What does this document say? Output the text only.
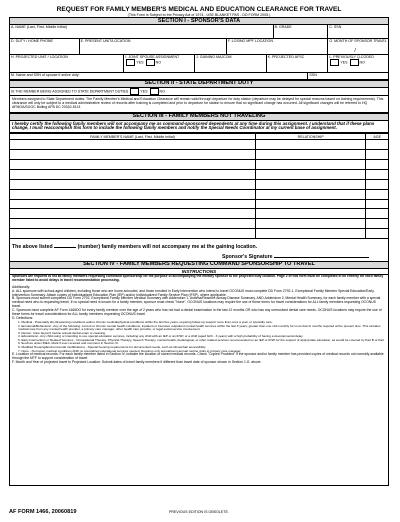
REQUEST FOR FAMILY MEMBER'S MEDICAL AND EDUCATION CLEARANCE FOR TRAVEL
(This Form is Subject to the Privacy Act of 1974 - USE BLANKET PAS - DD FORM 2005.)
SECTION I - SPONSOR'S DATA
A. NAME (Last, First, Middle Initial)	B. GRADE	C. SSN
D. DUTY / HOME PHONE	E. PRESENT UNIT/LOCATION	F. LOSING MPF LOCATION	G. MONTH OF SPONSOR TRAVEL
/
H. PROJECTED UNIT / LOCATION	I. JOINT SPOUSE ASSIGNMENT
YES	NO
J. GAINING MAJCOM	K. PROJECTED AFSC	L. PREVIOUSLY Q-CODED
YES	NO
M. Name and SSN of spouse if active duty:	SSN
SECTION II - STATE DEPARTMENT DUTY
IS THE MEMBER BEING ASSIGNED TO STATE DEPARTMENT DUTIES	YES	NO
Members assigned to State Department duties: The Family Member's Medical and Education Clearance will remain valid through departure for duty station (departure may be delayed for special reasons based on training requirements). This clearance will only be subject to a medical administrative review of records after training is completed and prior to departure for station to ensure that no significant change has occurred. All significant changes will be referred to HQ AFMOA/SGOC Bolling AFB DC 20332-5113.
SECTION III - FAMILY MEMBERS NOT TRAVELING
I hereby certify the following family members will not accompany me as command-sponsored dependents at any time during this assignment. I understand that if these plans change, I must reaccomplish this form to include the following family members and notify the Special Needs Coordinator at my current base of assignment.
FAMILY MEMBER'S NAME (Last, First, Middle Initial)	RELATIONSHIP	AGE

The above listed	(number) family members will not accompany me at the gaining location.
Sponsor's Signature
SECTION IV - FAMILY MEMBERS REQUESTING COMMAND SPONSORSHIP TO TRAVEL
INSTRUCTIONS

Sponsors are required to list all family members requesting command sponsorship for the purpose of accompanying the military sponsor to the projected duty location. Page 2 of this form must be completed in its entirety for each family member listed to avoid delays in travel recommendation processing.

Additionally:

A. ALL sponsors with school-aged children, including those who are home-schooled, and those enrolled in Early Intervention who intend to travel OCONUS must complete DD Form 2792-1, Exceptional Family Member Special Education/Early Intervention Summary. Attach copies of Individualized Education Plan (IEP) and/or Individualized Family Service Plan (IFSP), where applicable.

B. Sponsors must submit completed DD Form 2792, Exceptional Family Member Medical Summary with Addendum 1, Asthma/Reactive Airway Disease Summary, AND Addendum 2, Mental Health Summary, for each family member with a special medical need who is requesting travel. If no special need is known for a family member, sponsor must check "None". OCONUS locations may require the use of these forms for travel considerations for ALL family members requesting OCONUS travel.

C. Sponsors must complete AF Form 1466DO for every family member over the age of 2 years who has not had a dental examination in the last 12 months OR who has any unresolved dental care needs. OCONUS locations may require the use of these forms for travel considerations for ALL family members requesting OCONUS travel.

D. Definitions:

1. Medical - Potentially life-threatening conditions and/or chronic medical/physical conditions within the last five years, requiring follow-up support more than once a year, or specialty care.

2. Emotional/Behavioral - Any of the following: current or chronic mental health conditions; inpatient or intensive outpatient mental health services within the last 5 years; greater than one visit monthly for more than 6 months required at the present time. This includes medical care from any mental health provider, a primary care manager, other health care provider, or legal social service involvement.

3. Dental - Care beyond routine annual dental exam or cleaning.

4. Educational - Any child using or intending to use special education services, including any child with an IEP or an IFSP, or a child (aged birth - 3 years) with a high probability of having a developmental delay.

5. Early Intervention or Related Services - Occupational Therapy, Physical Therapy, Speech Therapy, mental health, Audiological, or other related services recommended on an IEP or IFSP for the support of appropriate education, as would be covered by Part B or Part C Services under IDEA. Mark if ever received and comment in Section VI.

6. Modified Housing/Environmental modifications - Special housing requirements for documented needs, such as wheelchair accessibility.

7. None - No known medical conditions AND no specialized educational services needed. Requires only annual/semi-annual routine visits to primary care manager.

E. Location of medical records: For each family member listed in Section IV, indicate the location of stored medical records. Check "Copies Provided" if the sponsor and/or family member has provided copies of medical records not normally available through the MTF to support consideration of travel.

F. Month and Year of projected travel to Projected Location: Submit dates of travel family members if different than travel date of sponsor shown in Section 1.G. above.

AF FORM 1466, 20060819	PREVIOUS EDITION IS OBSOLETE.
